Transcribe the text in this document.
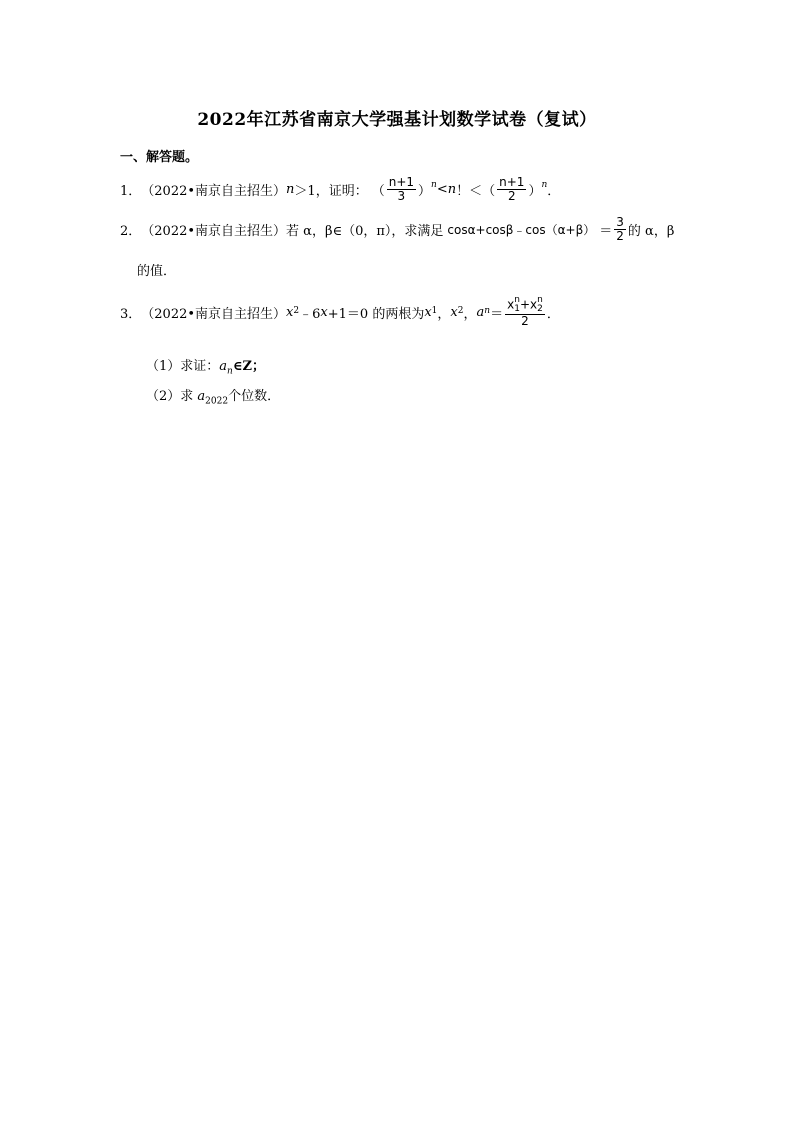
2022年江苏省南京大学强基计划数学试卷（复试）
一、解答题。
1． （2022•南京自主招生） n ＞1，证明： （ $\frac{n+1}{3} )^n < n$ ！＜ （ $\frac{n+1}{2} )^n$ ．
2． （2022•南京自主招生） 若 α，β∈（0，π），求满足 cosα+cosβ﹣cos（α+β） ＝ $\frac{3}{2}$ 的 α，β
的值．
3． （2022•南京自主招生） x 2 ﹣6 x +1＝0 的两根为 x 1 ， x 2 ， a n ＝ x n
1 +x n
2
2 ．
（1）求证：$a_n\in Z$；
（2）求 $a_{2022}$个位数．
